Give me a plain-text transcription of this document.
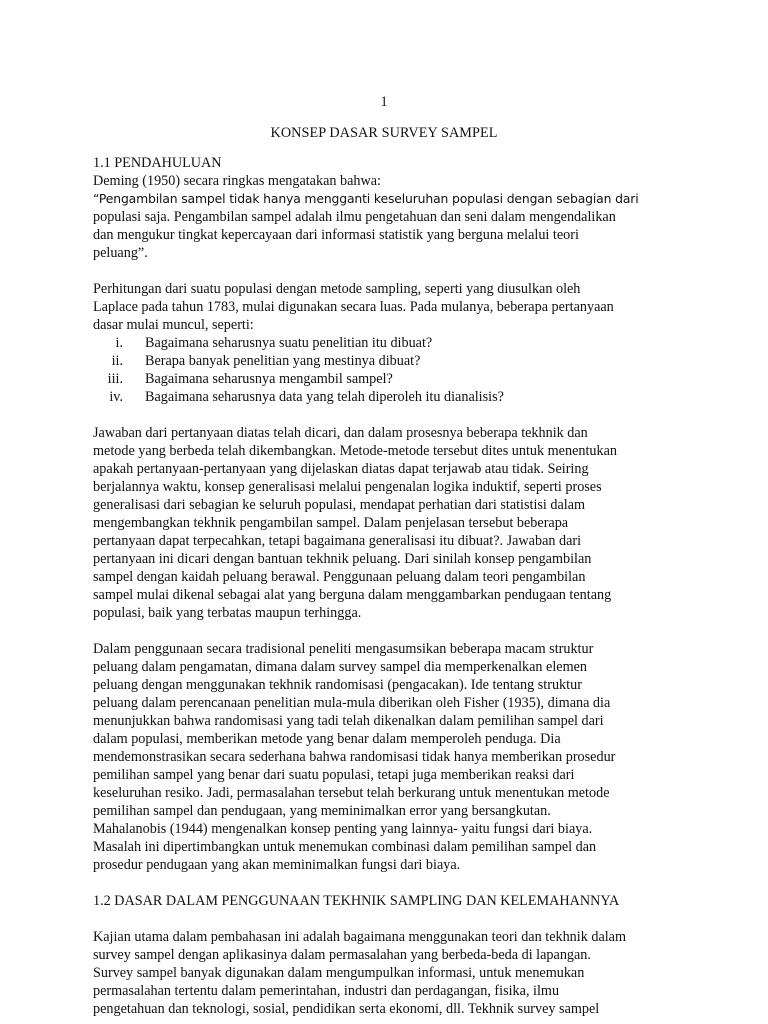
1
KONSEP DASAR SURVEY SAMPEL
1.1 PENDAHULUAN
Deming (1950) secara ringkas mengatakan bahwa:
“Pengambilan sampel tidak hanya mengganti keseluruhan populasi dengan sebagian dari
populasi saja. Pengambilan sampel adalah ilmu pengetahuan dan seni dalam mengendalikan
dan mengukur tingkat kepercayaan dari informasi statistik yang berguna melalui teori
peluang”.
Perhitungan dari suatu populasi dengan metode sampling, seperti yang diusulkan oleh
Laplace pada tahun 1783, mulai digunakan secara luas. Pada mulanya, beberapa pertanyaan
dasar mulai muncul, seperti:
i. Bagaimana seharusnya suatu penelitian itu dibuat?
ii. Berapa banyak penelitian yang mestinya dibuat?
iii. Bagaimana seharusnya mengambil sampel?
iv. Bagaimana seharusnya data yang telah diperoleh itu dianalisis?
Jawaban dari pertanyaan diatas telah dicari, dan dalam prosesnya beberapa tekhnik dan
metode yang berbeda telah dikembangkan. Metode-metode tersebut dites untuk menentukan
apakah pertanyaan-pertanyaan yang dijelaskan diatas dapat terjawab atau tidak. Seiring
berjalannya waktu, konsep generalisasi melalui pengenalan logika induktif, seperti proses
generalisasi dari sebagian ke seluruh populasi, mendapat perhatian dari statistisi dalam
mengembangkan tekhnik pengambilan sampel. Dalam penjelasan tersebut beberapa
pertanyaan dapat terpecahkan, tetapi bagaimana generalisasi itu dibuat?. Jawaban dari
pertanyaan ini dicari dengan bantuan tekhnik peluang. Dari sinilah konsep pengambilan
sampel dengan kaidah peluang berawal. Penggunaan peluang dalam teori pengambilan
sampel mulai dikenal sebagai alat yang berguna dalam menggambarkan pendugaan tentang
populasi, baik yang terbatas maupun terhingga.
Dalam penggunaan secara tradisional peneliti mengasumsikan beberapa macam struktur
peluang dalam pengamatan, dimana dalam survey sampel dia memperkenalkan elemen
peluang dengan menggunakan tekhnik randomisasi (pengacakan). Ide tentang struktur
peluang dalam perencanaan penelitian mula-mula diberikan oleh Fisher (1935), dimana dia
menunjukkan bahwa randomisasi yang tadi telah dikenalkan dalam pemilihan sampel dari
dalam populasi, memberikan metode yang benar dalam memperoleh penduga. Dia
mendemonstrasikan secara sederhana bahwa randomisasi tidak hanya memberikan prosedur
pemilihan sampel yang benar dari suatu populasi, tetapi juga memberikan reaksi dari
keseluruhan resiko. Jadi, permasalahan tersebut telah berkurang untuk menentukan metode
pemilihan sampel dan pendugaan, yang meminimalkan error yang bersangkutan.
Mahalanobis (1944) mengenalkan konsep penting yang lainnya- yaitu fungsi dari biaya.
Masalah ini dipertimbangkan untuk menemukan combinasi dalam pemilihan sampel dan
prosedur pendugaan yang akan meminimalkan fungsi dari biaya.
1.2 DASAR DALAM PENGGUNAAN TEKHNIK SAMPLING DAN KELEMAHANNYA
Kajian utama dalam pembahasan ini adalah bagaimana menggunakan teori dan tekhnik dalam
survey sampel dengan aplikasinya dalam permasalahan yang berbeda-beda di lapangan.
Survey sampel banyak digunakan dalam mengumpulkan informasi, untuk menemukan
permasalahan tertentu dalam pemerintahan, industri dan perdagangan, fisika, ilmu
pengetahuan dan teknologi, sosial, pendidikan serta ekonomi, dll. Tekhnik survey sampel
